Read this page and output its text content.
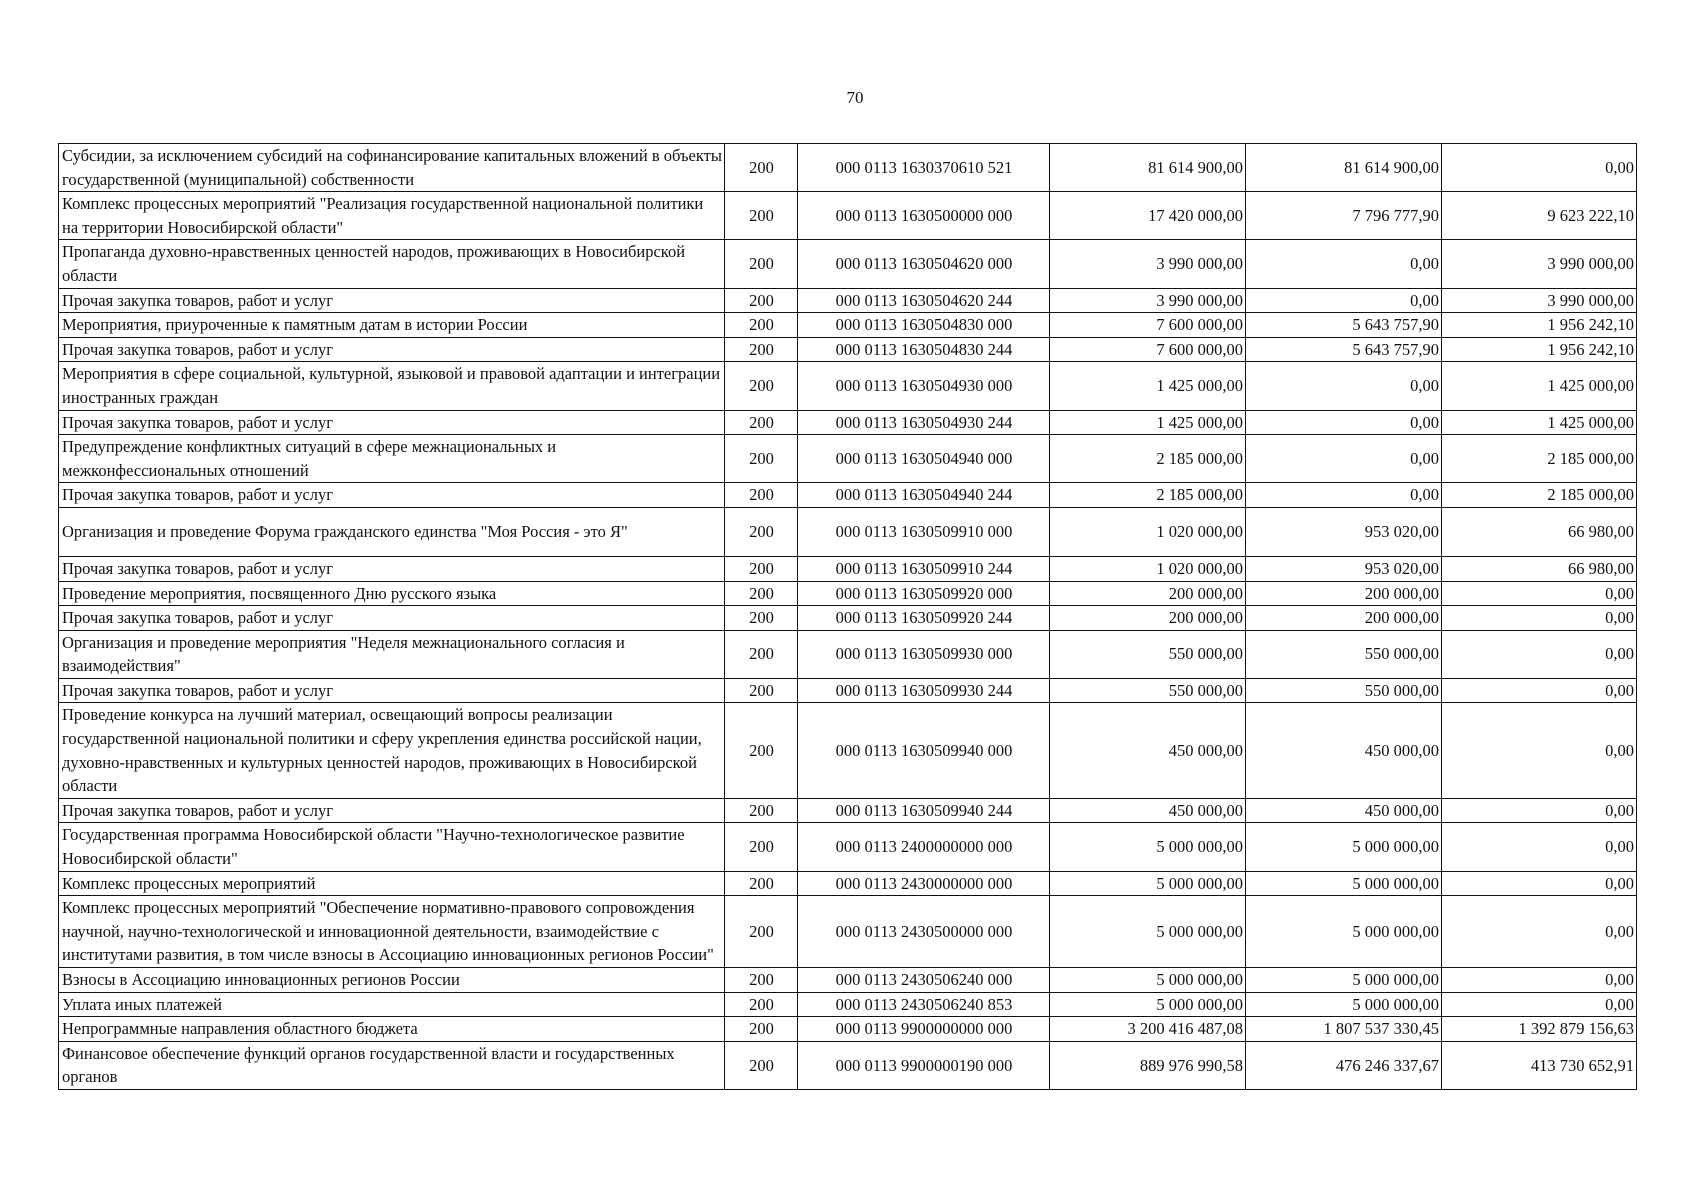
70
Субсидии, за исключением субсидий на софинансирование капитальных вложений в объекты государственной (муниципальной) собственности	200	000 0113 1630370610 521	81 614 900,00	81 614 900,00	0,00
Комплекс процессных мероприятий "Реализация государственной национальной политики на территории Новосибирской области"	200	000 0113 1630500000 000	17 420 000,00	7 796 777,90	9 623 222,10
Пропаганда духовно-нравственных ценностей народов, проживающих в Новосибирской области	200	000 0113 1630504620 000	3 990 000,00	0,00	3 990 000,00
Прочая закупка товаров, работ и услуг	200	000 0113 1630504620 244	3 990 000,00	0,00	3 990 000,00
Мероприятия, приуроченные к памятным датам в истории России	200	000 0113 1630504830 000	7 600 000,00	5 643 757,90	1 956 242,10
Прочая закупка товаров, работ и услуг	200	000 0113 1630504830 244	7 600 000,00	5 643 757,90	1 956 242,10
Мероприятия в сфере социальной, культурной, языковой и правовой адаптации и интеграции иностранных граждан	200	000 0113 1630504930 000	1 425 000,00	0,00	1 425 000,00
Прочая закупка товаров, работ и услуг	200	000 0113 1630504930 244	1 425 000,00	0,00	1 425 000,00
Предупреждение конфликтных ситуаций в сфере межнациональных и межконфессиональных отношений	200	000 0113 1630504940 000	2 185 000,00	0,00	2 185 000,00
Прочая закупка товаров, работ и услуг	200	000 0113 1630504940 244	2 185 000,00	0,00	2 185 000,00
Организация и проведение Форума гражданского единства "Моя Россия - это Я"	200	000 0113 1630509910 000	1 020 000,00	953 020,00	66 980,00
Прочая закупка товаров, работ и услуг	200	000 0113 1630509910 244	1 020 000,00	953 020,00	66 980,00
Проведение мероприятия, посвященного Дню русского языка	200	000 0113 1630509920 000	200 000,00	200 000,00	0,00
Прочая закупка товаров, работ и услуг	200	000 0113 1630509920 244	200 000,00	200 000,00	0,00
Организация и проведение мероприятия "Неделя межнационального согласия и взаимодействия"	200	000 0113 1630509930 000	550 000,00	550 000,00	0,00
Прочая закупка товаров, работ и услуг	200	000 0113 1630509930 244	550 000,00	550 000,00	0,00
Проведение конкурса на лучший материал, освещающий вопросы реализации государственной национальной политики и сферу укрепления единства российской нации, духовно-нравственных и культурных ценностей народов, проживающих в Новосибирской области	200	000 0113 1630509940 000	450 000,00	450 000,00	0,00
Прочая закупка товаров, работ и услуг	200	000 0113 1630509940 244	450 000,00	450 000,00	0,00
Государственная программа Новосибирской области "Научно-технологическое развитие Новосибирской области"	200	000 0113 2400000000 000	5 000 000,00	5 000 000,00	0,00
Комплекс процессных мероприятий	200	000 0113 2430000000 000	5 000 000,00	5 000 000,00	0,00
Комплекс процессных мероприятий "Обеспечение нормативно-правового сопровождения научной, научно-технологической и инновационной деятельности, взаимодействие с институтами развития, в том числе взносы в Ассоциацию инновационных регионов России"	200	000 0113 2430500000 000	5 000 000,00	5 000 000,00	0,00
Взносы в Ассоциацию инновационных регионов России	200	000 0113 2430506240 000	5 000 000,00	5 000 000,00	0,00
Уплата иных платежей	200	000 0113 2430506240 853	5 000 000,00	5 000 000,00	0,00
Непрограммные направления областного бюджета	200	000 0113 9900000000 000	3 200 416 487,08	1 807 537 330,45	1 392 879 156,63
Финансовое обеспечение функций органов государственной власти и государственных органов	200	000 0113 9900000190 000	889 976 990,58	476 246 337,67	413 730 652,91
